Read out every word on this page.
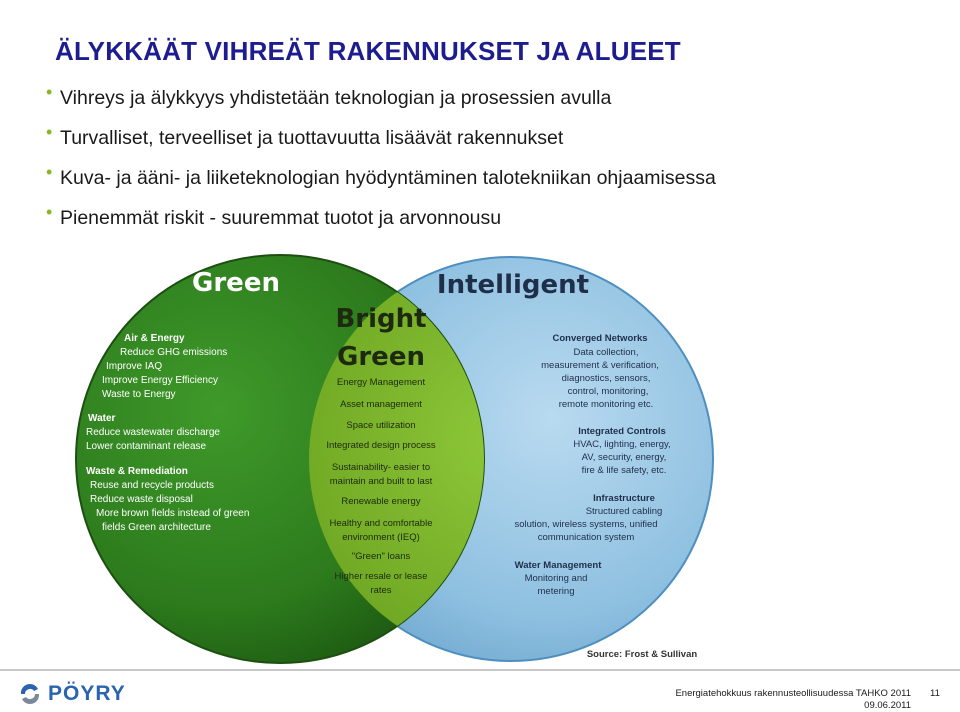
ÄLYKKÄÄT VIHREÄT RAKENNUKSET JA ALUEET
• Vihreys ja älykkyys yhdistetään teknologian ja prosessien avulla
• Turvalliset, terveelliset ja tuottavuutta lisäävät rakennukset
• Kuva- ja ääni- ja liiketeknologian hyödyntäminen talotekniikan ohjaamisessa
• Pienemmät riskit - suuremmat tuotot ja arvonnousu
Green	Intelligent
Bright
Green
Air & Energy
Reduce GHG emissions
Improve IAQ
Improve Energy Efficiency
Waste to Energy
Water
Reduce wastewater discharge
Lower contaminant release
Waste & Remediation
Reuse and recycle products
Reduce waste disposal
More brown fields instead of green
fields Green architecture
Energy Management
Asset management
Space utilization
Integrated design process
Sustainability- easier to
maintain and built to last
Renewable energy
Healthy and comfortable
environment (IEQ)
"Green" loans
Higher resale or lease
rates
Converged Networks
Data collection,
measurement & verification,
diagnostics, sensors,
control, monitoring,
remote monitoring etc.
Integrated Controls
HVAC, lighting, energy,
AV, security, energy,
fire & life safety, etc.
Infrastructure
Structured cabling
solution, wireless systems, unified
communication system
Water Management
Monitoring and
metering
Source: Frost & Sullivan
PÖYRY	Energiatehokkuus rakennusteollisuudessa TAHKO 2011
09.06.2011
11
